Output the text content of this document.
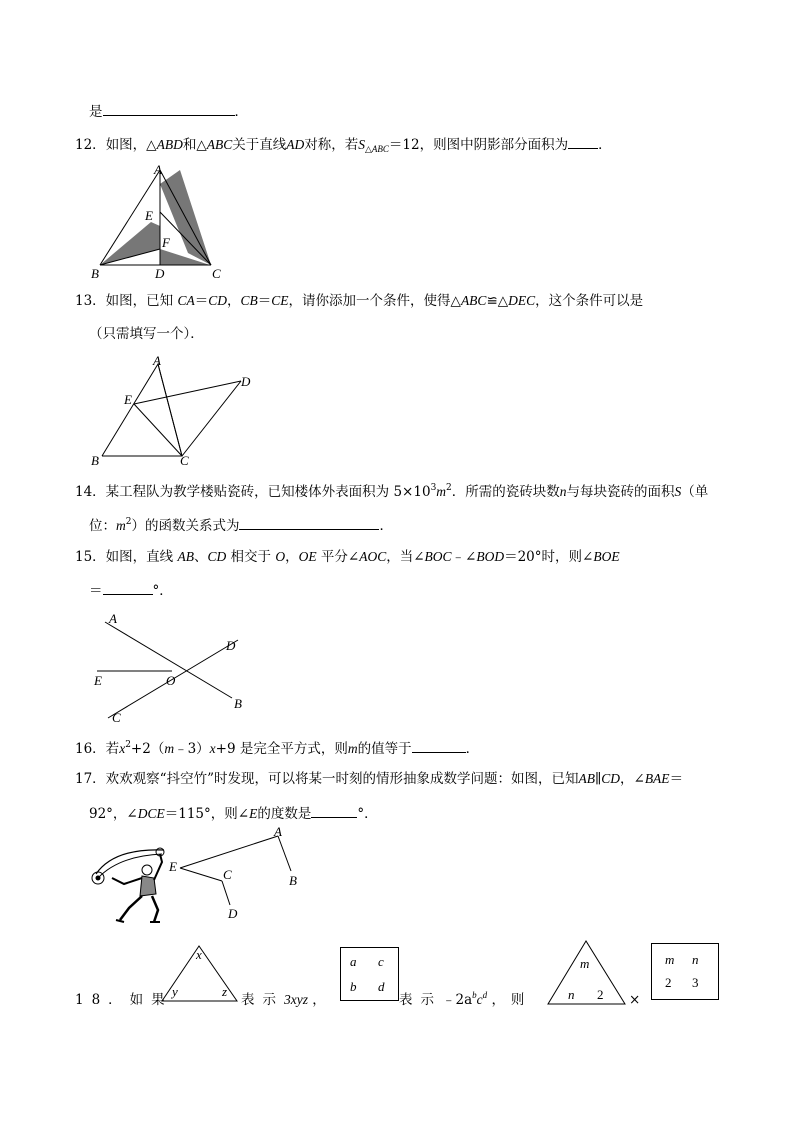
是	．
12．如图，△ABD和△ABC关于直线AD对称，若$S_{\triangle ABC}=12$，则图中阴影部分面积为 ．
A
B	C
D
E
F
13．如图，已知 CA＝CD，CB＝CE，请你添加一个条件，使得△ABC≌△DEC，这个条件可以是
（只需填写一个）．
A
B	C
D
E
14．某工程队为教学楼贴瓷砖，已知楼体外表面积为 $5\times 10^3m^2$．所需的瓷砖块数n与每块瓷砖的面积S（单
位：$m^2$）的函数关系式为	．
15．如图，直线 AB、CD 相交于 O，OE 平分∠AOC，当∠BOC﹣∠BOD＝20°时，则∠BOE
＝	°．
A
B
C
D
E	O
16．若$x^2+2(m﹣3)x+9$ 是完全平方式，则m的值等于	．
17．欢欢观察“抖空竹”时发现，可以将某一时刻的情形抽象成数学问题：如图，已知AB∥CD，∠BAE＝
92°，∠DCE＝115°，则∠E的度数是	°．
A
B
C
D
E
18．如果
x
y	z
表示3xyz ，
a c
b d
表示$﹣2a^bc^d$ ，则
m
n 2 ×
m n
2 3
